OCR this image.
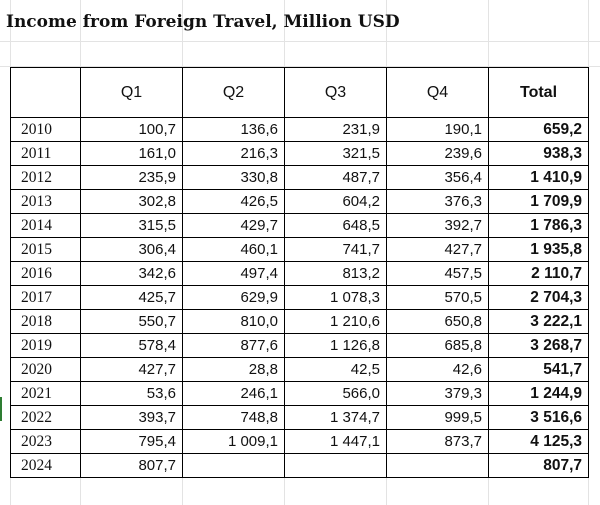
Income from Foreign Travel, Million USD
	Q1	Q2	Q3	Q4	Total
2010	100,7	136,6	231,9	190,1	659,2
2011	161,0	216,3	321,5	239,6	938,3
2012	235,9	330,8	487,7	356,4	1 410,9
2013	302,8	426,5	604,2	376,3	1 709,9
2014	315,5	429,7	648,5	392,7	1 786,3
2015	306,4	460,1	741,7	427,7	1 935,8
2016	342,6	497,4	813,2	457,5	2 110,7
2017	425,7	629,9	1 078,3	570,5	2 704,3
2018	550,7	810,0	1 210,6	650,8	3 222,1
2019	578,4	877,6	1 126,8	685,8	3 268,7
2020	427,7	28,8	42,5	42,6	541,7
2021	53,6	246,1	566,0	379,3	1 244,9
2022	393,7	748,8	1 374,7	999,5	3 516,6
2023	795,4	1 009,1	1 447,1	873,7	4 125,3
2024	807,7				807,7
